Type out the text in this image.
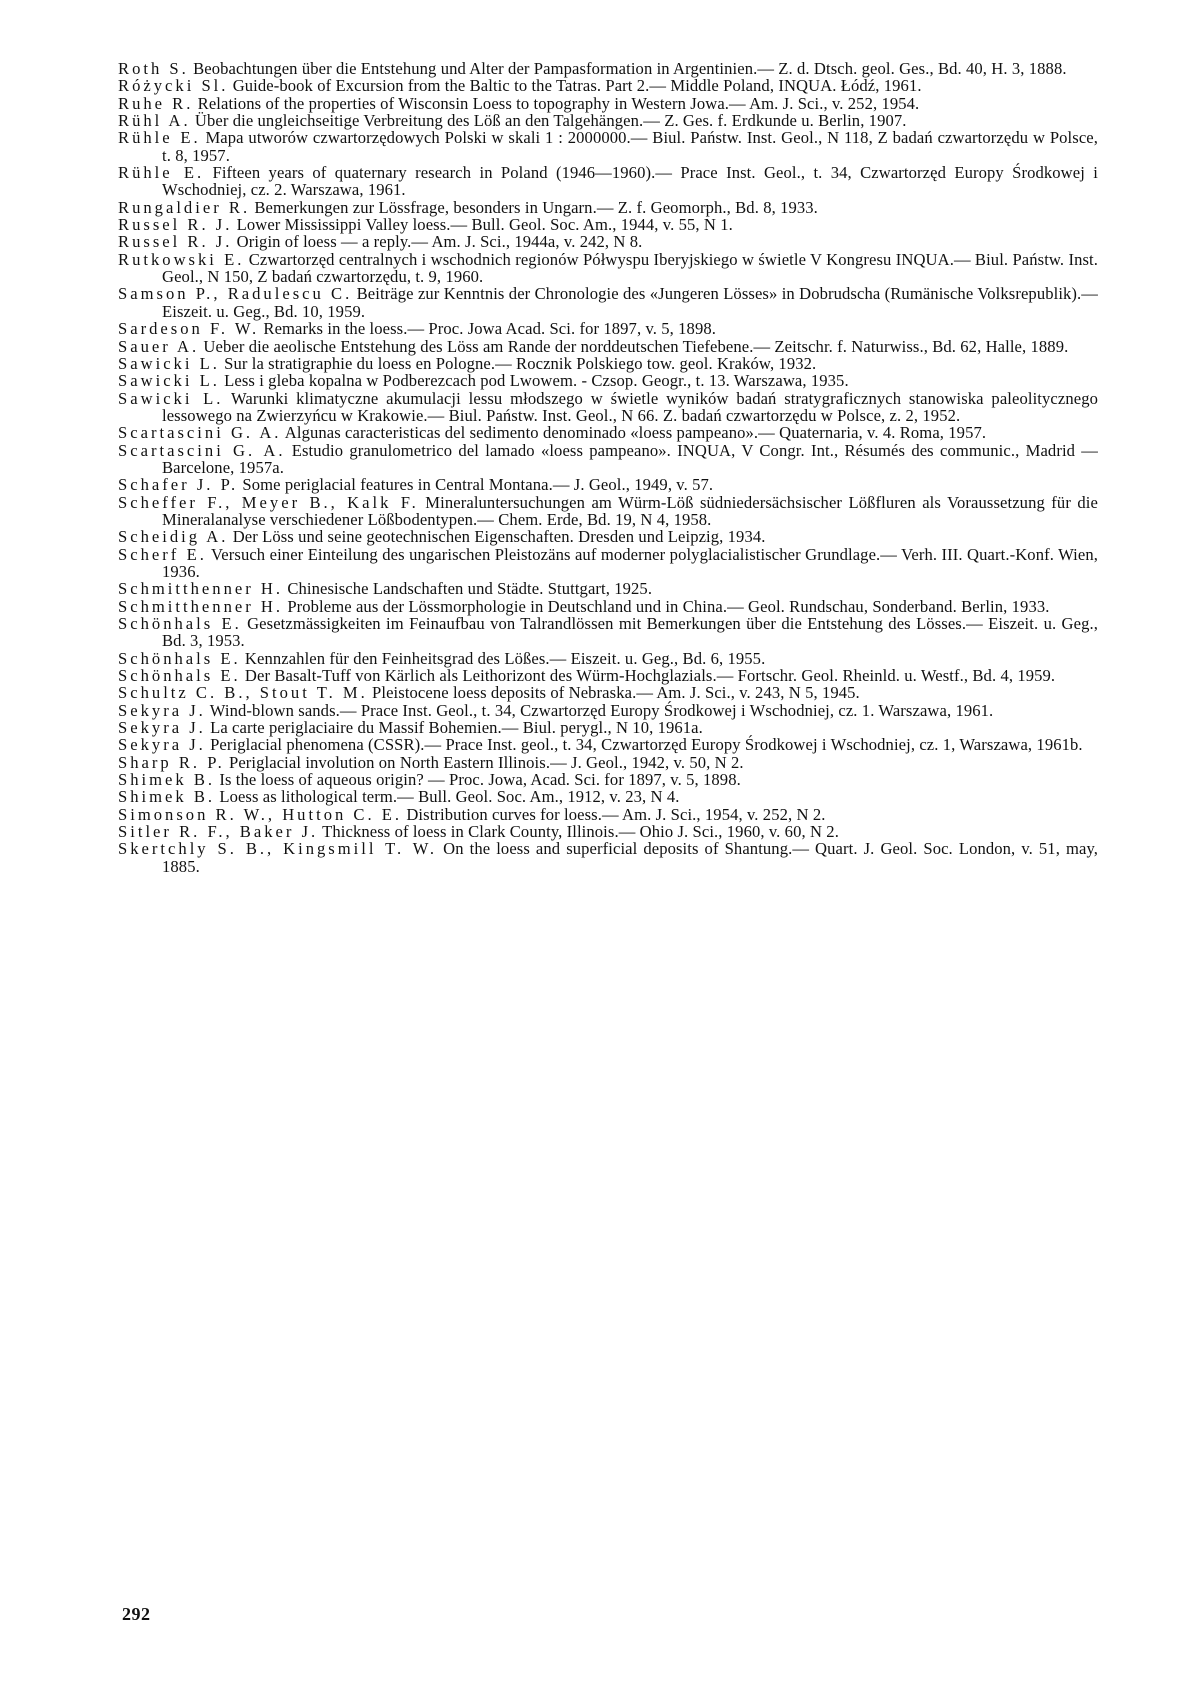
Roth S. Beobachtungen über die Entstehung und Alter der Pampasformation in Argentinien.— Z. d. Dtsch. geol. Ges., Bd. 40, H. 3, 1888.

Różycki Sl. Guide-book of Excursion from the Baltic to the Tatras. Part 2.— Middle Poland, INQUA. Łódź, 1961.

Ruhe R. Relations of the properties of Wisconsin Loess to topography in Western Jowa.— Am. J. Sci., v. 252, 1954.

Rühl A. Über die ungleichseitige Verbreitung des Löß an den Talgehängen.— Z. Ges. f. Erdkunde u. Berlin, 1907.

Rühle E. Mapa utworów czwartorzędowych Polski w skali 1 : 2000000.— Biul. Państw. Inst. Geol., N 118, Z badań czwartorzędu w Polsce, t. 8, 1957.

Rühle E. Fifteen years of quaternary research in Poland (1946—1960).— Prace Inst. Geol., t. 34, Czwartorzęd Europy Środkowej i Wschodniej, cz. 2. Warszawa, 1961.

Rungaldier R. Bemerkungen zur Lössfrage, besonders in Ungarn.— Z. f. Geomorph., Bd. 8, 1933.

Russel R. J. Lower Mississippi Valley loess.— Bull. Geol. Soc. Am., 1944, v. 55, N 1.

Russel R. J. Origin of loess — a reply.— Am. J. Sci., 1944a, v. 242, N 8.

Rutkowski E. Czwartorzęd centralnych i wschodnich regionów Półwyspu Iberyjskiego w świetle V Kongresu INQUA.— Biul. Państw. Inst. Geol., N 150, Z badań czwartorzędu, t. 9, 1960.

Samson P., Radulescu C. Beiträge zur Kenntnis der Chronologie des «Jungeren Lösses» in Dobrudscha (Rumänische Volksrepublik).— Eiszeit. u. Geg., Bd. 10, 1959.

Sardeson F. W. Remarks in the loess.— Proc. Jowa Acad. Sci. for 1897, v. 5, 1898.

Sauer A. Ueber die aeolische Entstehung des Löss am Rande der norddeutschen Tiefebene.— Zeitschr. f. Naturwiss., Bd. 62, Halle, 1889.

Sawicki L. Sur la stratigraphie du loess en Pologne.— Rocznik Polskiego tow. geol. Kraków, 1932.

Sawicki L. Less i gleba kopalna w Podberezcach pod Lwowem. - Czsop. Geogr., t. 13. Warszawa, 1935.

Sawicki L. Warunki klimatyczne akumulacji lessu młodszego w świetle wyników badań stratygraficznych stanowiska paleolitycznego lessowego na Zwierzyńcu w Krakowie.— Biul. Państw. Inst. Geol., N 66. Z. badań czwartorzędu w Polsce, z. 2, 1952.

Scartascini G. A. Algunas caracteristicas del sedimento denominado «loess pampeano».— Quaternaria, v. 4. Roma, 1957.

Scartascini G. A. Estudio granulometrico del lamado «loess pampeano». INQUA, V Congr. Int., Résumés des communic., Madrid — Barcelone, 1957a.

Schafer J. P. Some periglacial features in Central Montana.— J. Geol., 1949, v. 57.

Scheffer F., Meyer B., Kalk F. Mineraluntersuchungen am Würm-Löß südniedersächsischer Lößfluren als Voraussetzung für die Mineralanalyse verschiedener Lößbodentypen.— Chem. Erde, Bd. 19, N 4, 1958.

Scheidig A. Der Löss und seine geotechnischen Eigenschaften. Dresden und Leipzig, 1934.

Scherf E. Versuch einer Einteilung des ungarischen Pleistozäns auf moderner polyglacialistischer Grundlage.— Verh. III. Quart.-Konf. Wien, 1936.

Schmitthenner H. Chinesische Landschaften und Städte. Stuttgart, 1925.

Schmitthenner H. Probleme aus der Lössmorphologie in Deutschland und in China.— Geol. Rundschau, Sonderband. Berlin, 1933.

Schönhals E. Gesetzmässigkeiten im Feinaufbau von Talrandlössen mit Bemerkungen über die Entstehung des Lösses.— Eiszeit. u. Geg., Bd. 3, 1953.

Schönhals E. Kennzahlen für den Feinheitsgrad des Lößes.— Eiszeit. u. Geg., Bd. 6, 1955.

Schönhals E. Der Basalt-Tuff von Kärlich als Leithorizont des Würm-Hochglazials.— Fortschr. Geol. Rheinld. u. Westf., Bd. 4, 1959.

Schultz C. B., Stout T. M. Pleistocene loess deposits of Nebraska.— Am. J. Sci., v. 243, N 5, 1945.

Sekyra J. Wind-blown sands.— Prace Inst. Geol., t. 34, Czwartorzęd Europy Środkowej i Wschodniej, cz. 1. Warszawa, 1961.

Sekyra J. La carte periglaciaire du Massif Bohemien.— Biul. perygl., N 10, 1961a.

Sekyra J. Periglacial phenomena (CSSR).— Prace Inst. geol., t. 34, Czwartorzęd Europy Środkowej i Wschodniej, cz. 1, Warszawa, 1961b.

Sharp R. P. Periglacial involution on North Eastern Illinois.— J. Geol., 1942, v. 50, N 2.

Shimek B. Is the loess of aqueous origin? — Proc. Jowa, Acad. Sci. for 1897, v. 5, 1898.

Shimek B. Loess as lithological term.— Bull. Geol. Soc. Am., 1912, v. 23, N 4.

Simonson R. W., Hutton C. E. Distribution curves for loess.— Am. J. Sci., 1954, v. 252, N 2.

Sitler R. F., Baker J. Thickness of loess in Clark County, Illinois.— Ohio J. Sci., 1960, v. 60, N 2.

Skertchly S. B., Kingsmill T. W. On the loess and superficial deposits of Shantung.— Quart. J. Geol. Soc. London, v. 51, may, 1885.

292
